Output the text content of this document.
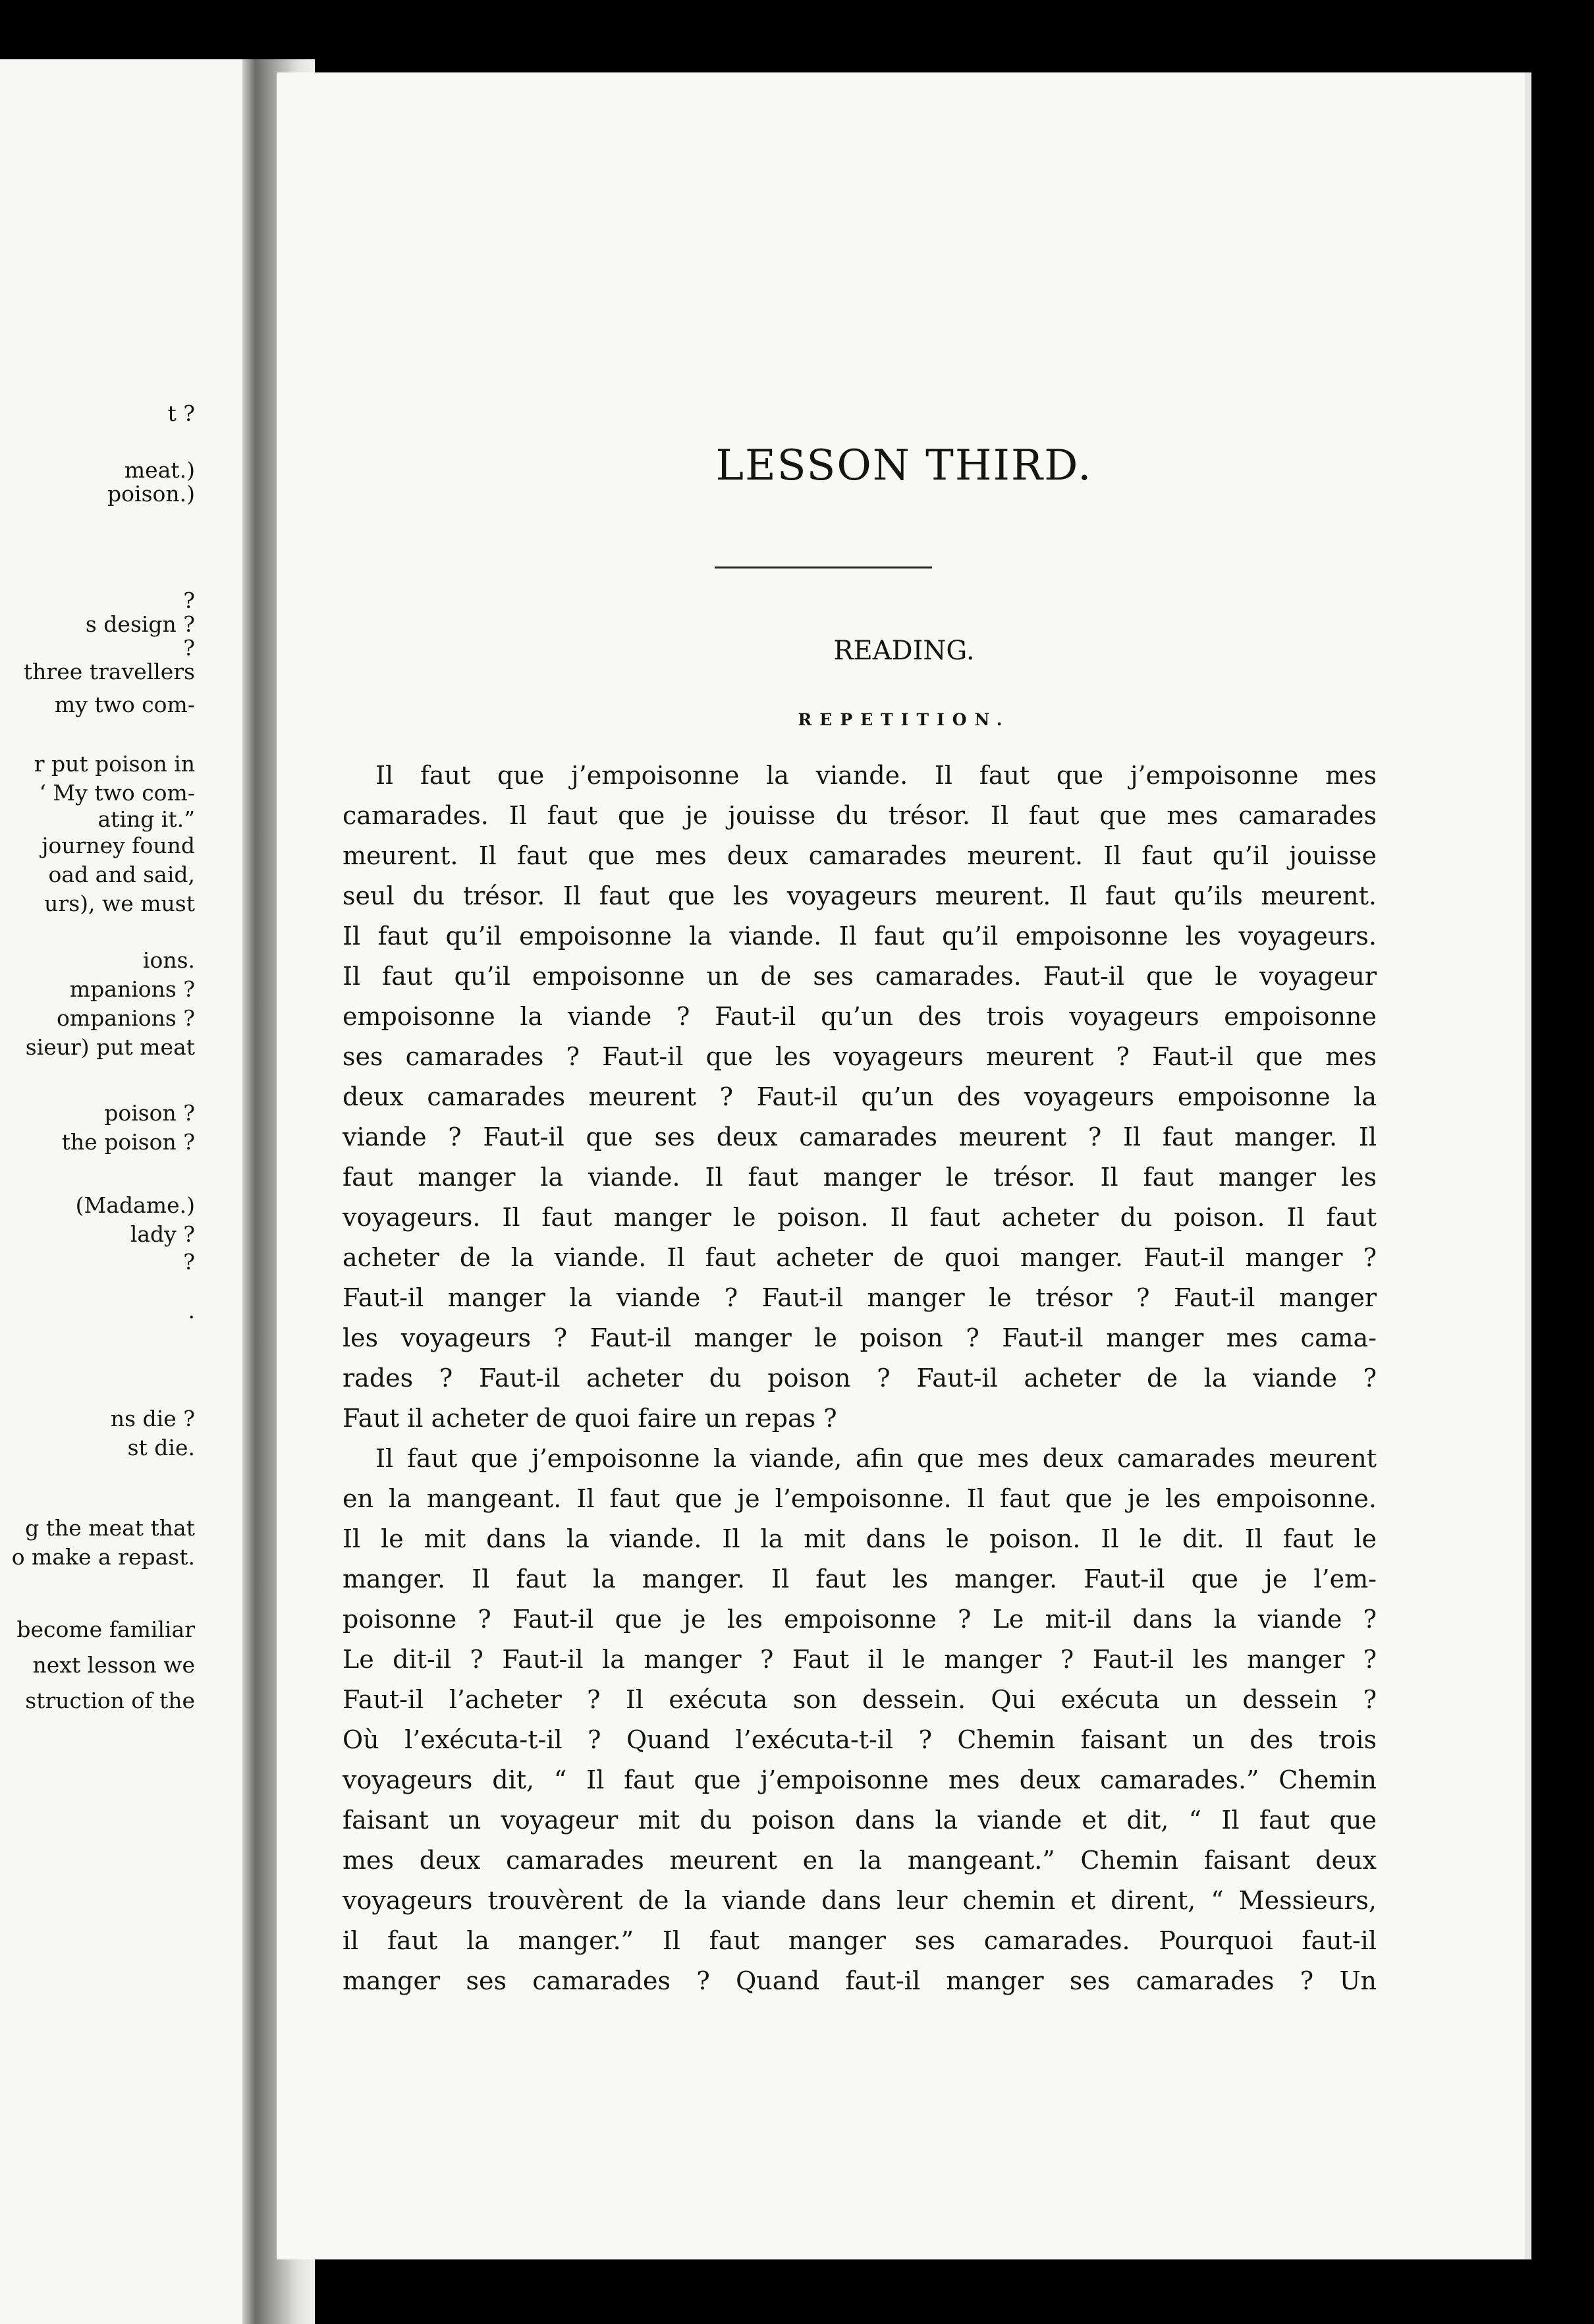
t ?
meat.)
poison.)
?
s design ?
?
three travellers
my two com-
r put poison in
‘ My two com-
ating it.”
journey found
oad and said,
urs), we must
ions.
mpanions ?
ompanions ?
sieur) put meat
poison ?
the poison ?
(Madame.)
lady ?
?
.
ns die ?
st die.
g the meat that
o make a repast.
become familiar
next lesson we
struction of the
LESSON THIRD.
READING.
REPETITION.
Il faut que j’empoisonne la viande. Il faut que j’empoisonne mes
camarades. Il faut que je jouisse du trésor. Il faut que mes camarades
meurent. Il faut que mes deux camarades meurent. Il faut qu’il jouisse
seul du trésor. Il faut que les voyageurs meurent. Il faut qu’ils meurent.
Il faut qu’il empoisonne la viande. Il faut qu’il empoisonne les voyageurs.
Il faut qu’il empoisonne un de ses camarades. Faut-il que le voyageur
empoisonne la viande ? Faut-il qu’un des trois voyageurs empoisonne
ses camarades ? Faut-il que les voyageurs meurent ? Faut-il que mes
deux camarades meurent ? Faut-il qu’un des voyageurs empoisonne la
viande ? Faut-il que ses deux camarades meurent ? Il faut manger. Il
faut manger la viande. Il faut manger le trésor. Il faut manger les
voyageurs. Il faut manger le poison. Il faut acheter du poison. Il faut
acheter de la viande. Il faut acheter de quoi manger. Faut-il manger ?
Faut-il manger la viande ? Faut-il manger le trésor ? Faut-il manger
les voyageurs ? Faut-il manger le poison ? Faut-il manger mes cama-
rades ? Faut-il acheter du poison ? Faut-il acheter de la viande ?
Faut il acheter de quoi faire un repas ?
Il faut que j’empoisonne la viande, afin que mes deux camarades meurent
en la mangeant. Il faut que je l’empoisonne. Il faut que je les empoisonne.
Il le mit dans la viande. Il la mit dans le poison. Il le dit. Il faut le
manger. Il faut la manger. Il faut les manger. Faut-il que je l’em-
poisonne ? Faut-il que je les empoisonne ? Le mit-il dans la viande ?
Le dit-il ? Faut-il la manger ? Faut il le manger ? Faut-il les manger ?
Faut-il l’acheter ? Il exécuta son dessein. Qui exécuta un dessein ?
Où l’exécuta-t-il ? Quand l’exécuta-t-il ? Chemin faisant un des trois
voyageurs dit, “ Il faut que j’empoisonne mes deux camarades.” Chemin
faisant un voyageur mit du poison dans la viande et dit, “ Il faut que
mes deux camarades meurent en la mangeant.” Chemin faisant deux
voyageurs trouvèrent de la viande dans leur chemin et dirent, “ Messieurs,
il faut la manger.” Il faut manger ses camarades. Pourquoi faut-il
manger ses camarades ? Quand faut-il manger ses camarades ? Un
